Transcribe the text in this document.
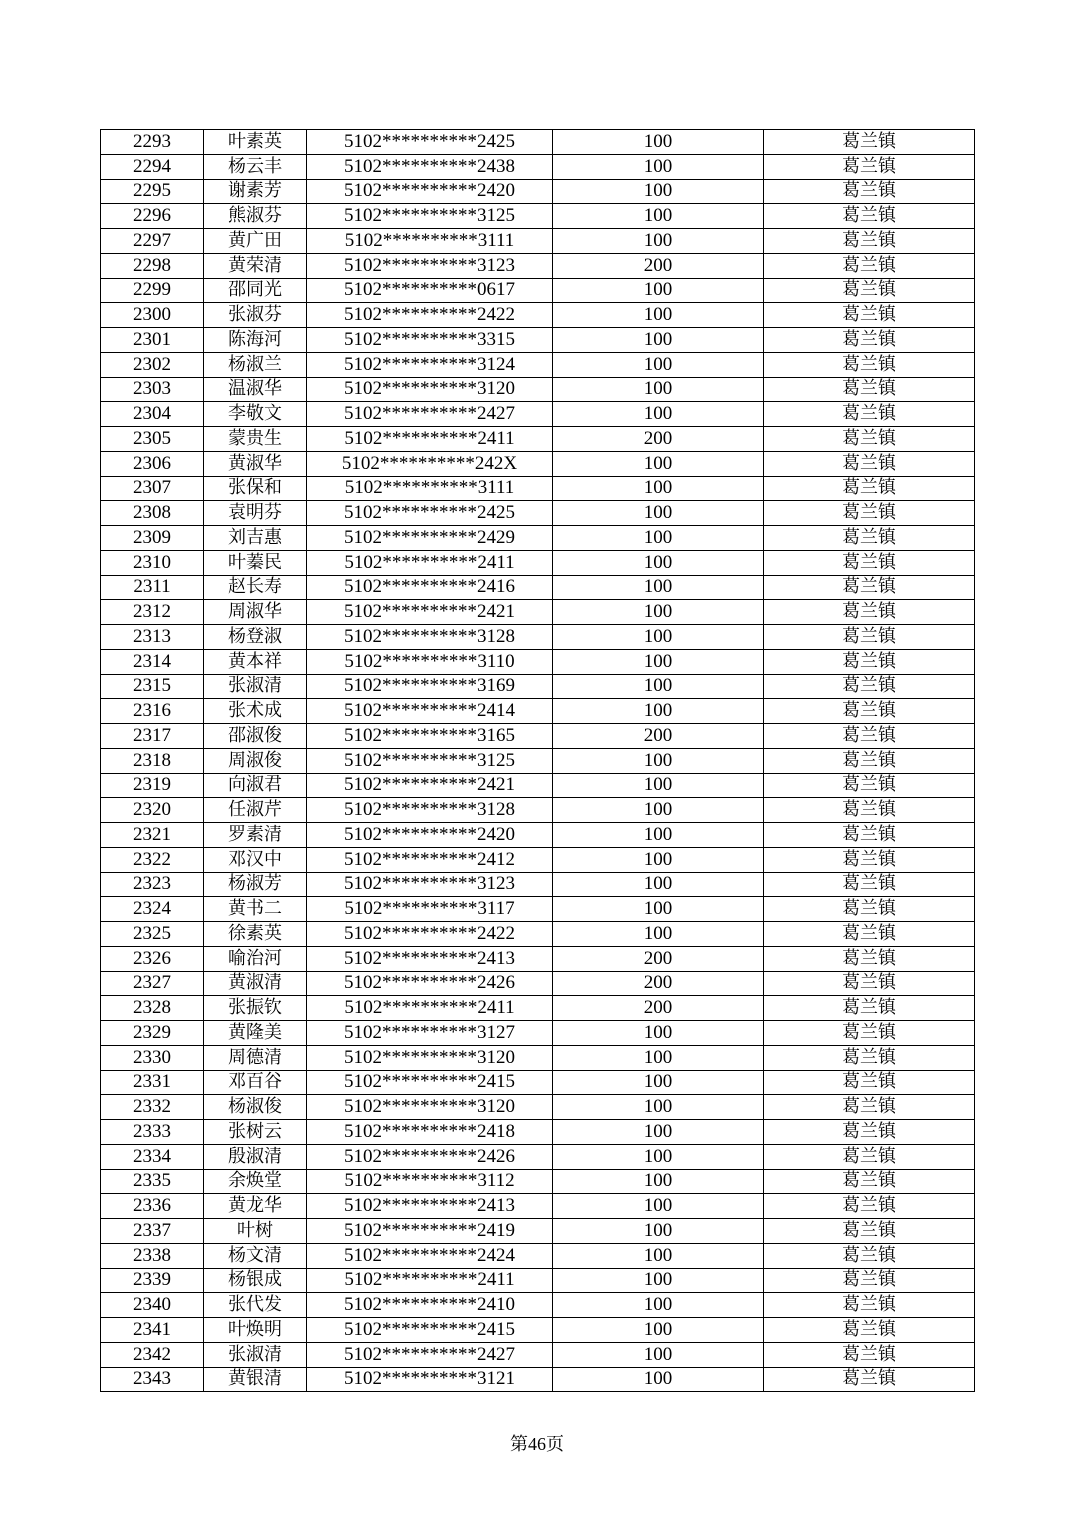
2293	叶素英	5102**********2425	100	葛兰镇
2294	杨云丰	5102**********2438	100	葛兰镇
2295	谢素芳	5102**********2420	100	葛兰镇
2296	熊淑芬	5102**********3125	100	葛兰镇
2297	黄广田	5102**********3111	100	葛兰镇
2298	黄荣清	5102**********3123	200	葛兰镇
2299	邵同光	5102**********0617	100	葛兰镇
2300	张淑芬	5102**********2422	100	葛兰镇
2301	陈海河	5102**********3315	100	葛兰镇
2302	杨淑兰	5102**********3124	100	葛兰镇
2303	温淑华	5102**********3120	100	葛兰镇
2304	李敬文	5102**********2427	100	葛兰镇
2305	蒙贵生	5102**********2411	200	葛兰镇
2306	黄淑华	5102**********242X	100	葛兰镇
2307	张保和	5102**********3111	100	葛兰镇
2308	袁明芬	5102**********2425	100	葛兰镇
2309	刘吉惠	5102**********2429	100	葛兰镇
2310	叶蓁民	5102**********2411	100	葛兰镇
2311	赵长寿	5102**********2416	100	葛兰镇
2312	周淑华	5102**********2421	100	葛兰镇
2313	杨登淑	5102**********3128	100	葛兰镇
2314	黄本祥	5102**********3110	100	葛兰镇
2315	张淑清	5102**********3169	100	葛兰镇
2316	张术成	5102**********2414	100	葛兰镇
2317	邵淑俊	5102**********3165	200	葛兰镇
2318	周淑俊	5102**********3125	100	葛兰镇
2319	向淑君	5102**********2421	100	葛兰镇
2320	任淑芹	5102**********3128	100	葛兰镇
2321	罗素清	5102**********2420	100	葛兰镇
2322	邓汉中	5102**********2412	100	葛兰镇
2323	杨淑芳	5102**********3123	100	葛兰镇
2324	黄书二	5102**********3117	100	葛兰镇
2325	徐素英	5102**********2422	100	葛兰镇
2326	喻治河	5102**********2413	200	葛兰镇
2327	黄淑清	5102**********2426	200	葛兰镇
2328	张振钦	5102**********2411	200	葛兰镇
2329	黄隆美	5102**********3127	100	葛兰镇
2330	周德清	5102**********3120	100	葛兰镇
2331	邓百谷	5102**********2415	100	葛兰镇
2332	杨淑俊	5102**********3120	100	葛兰镇
2333	张树云	5102**********2418	100	葛兰镇
2334	殷淑清	5102**********2426	100	葛兰镇
2335	余焕堂	5102**********3112	100	葛兰镇
2336	黄龙华	5102**********2413	100	葛兰镇
2337	叶树	5102**********2419	100	葛兰镇
2338	杨文清	5102**********2424	100	葛兰镇
2339	杨银成	5102**********2411	100	葛兰镇
2340	张代发	5102**********2410	100	葛兰镇
2341	叶焕明	5102**********2415	100	葛兰镇
2342	张淑清	5102**********2427	100	葛兰镇
2343	黄银清	5102**********3121	100	葛兰镇
第46页
